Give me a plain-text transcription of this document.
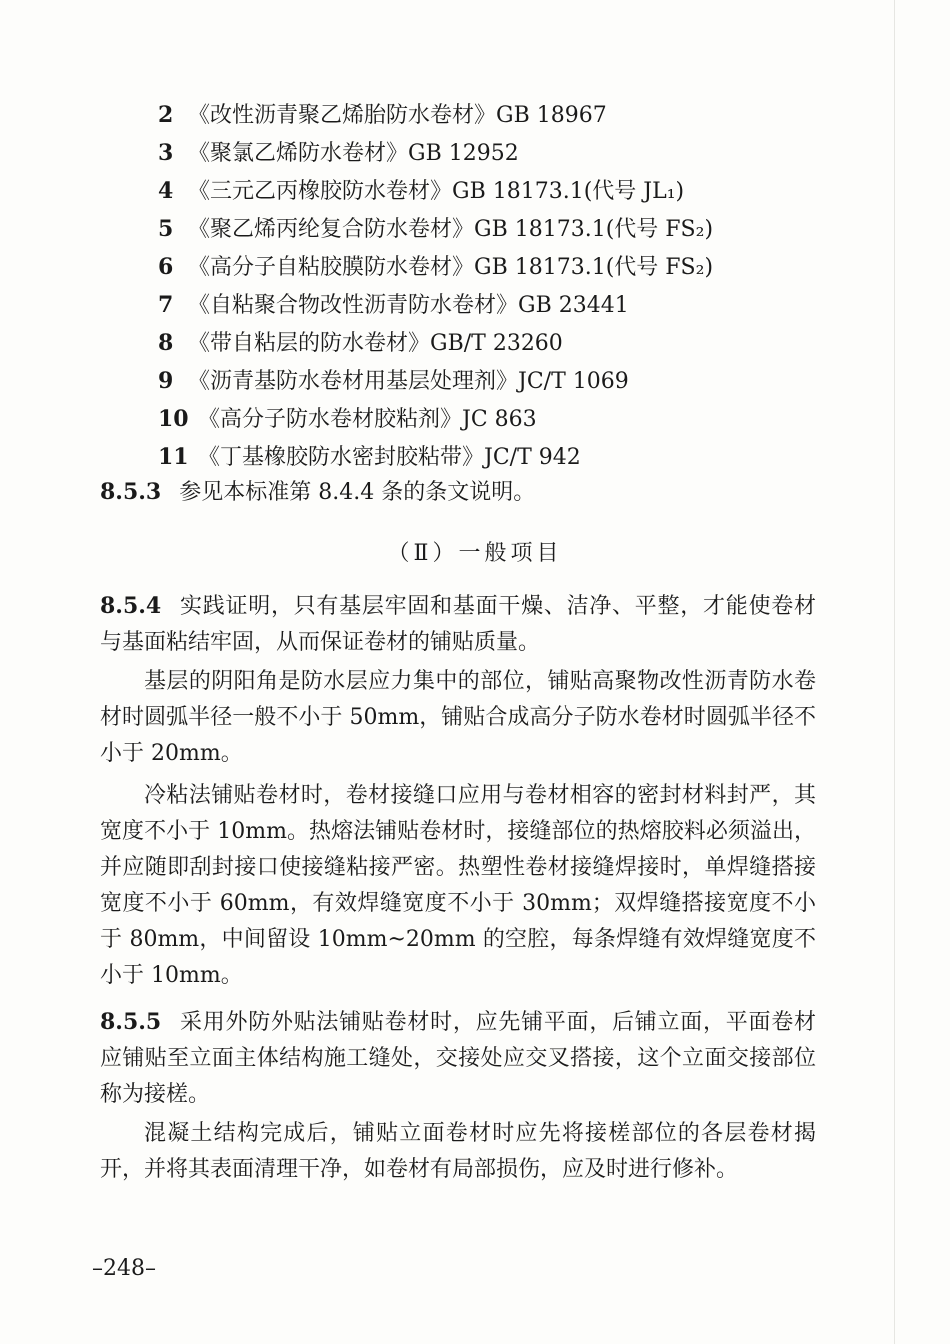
2 《改性沥青聚乙烯胎防水卷材》GB 18967
3 《聚氯乙烯防水卷材》GB 12952
4 《三元乙丙橡胶防水卷材》GB 18173.1(代号 JL₁)
5 《聚乙烯丙纶复合防水卷材》GB 18173.1(代号 FS₂)
6 《高分子自粘胶膜防水卷材》GB 18173.1(代号 FS₂)
7 《自粘聚合物改性沥青防水卷材》GB 23441
8 《带自粘层的防水卷材》GB/T 23260
9 《沥青基防水卷材用基层处理剂》JC/T 1069
10 《高分子防水卷材胶粘剂》JC 863
11 《丁基橡胶防水密封胶粘带》JC/T 942
8.5.3 参见本标准第 8.4.4 条的条文说明。
（Ⅱ）一般项目
8.5.4 实践证明，只有基层牢固和基面干燥、洁净、平整，才能使卷材与基面粘结牢固，从而保证卷材的铺贴质量。
基层的阴阳角是防水层应力集中的部位，铺贴高聚物改性沥青防水卷材时圆弧半径一般不小于 50mm，铺贴合成高分子防水卷材时圆弧半径不小于 20mm。
冷粘法铺贴卷材时，卷材接缝口应用与卷材相容的密封材料封严，其宽度不小于 10mm。热熔法铺贴卷材时，接缝部位的热熔胶料必须溢出，并应随即刮封接口使接缝粘接严密。热塑性卷材接缝焊接时，单焊缝搭接宽度不小于 60mm，有效焊缝宽度不小于 30mm；双焊缝搭接宽度不小于 80mm，中间留设 10mm~20mm 的空腔，每条焊缝有效焊缝宽度不小于 10mm。
8.5.5 采用外防外贴法铺贴卷材时，应先铺平面，后铺立面，平面卷材应铺贴至立面主体结构施工缝处，交接处应交叉搭接，这个立面交接部位称为接槎。
混凝土结构完成后，铺贴立面卷材时应先将接槎部位的各层卷材揭开，并将其表面清理干净，如卷材有局部损伤，应及时进行修补。
–248–
